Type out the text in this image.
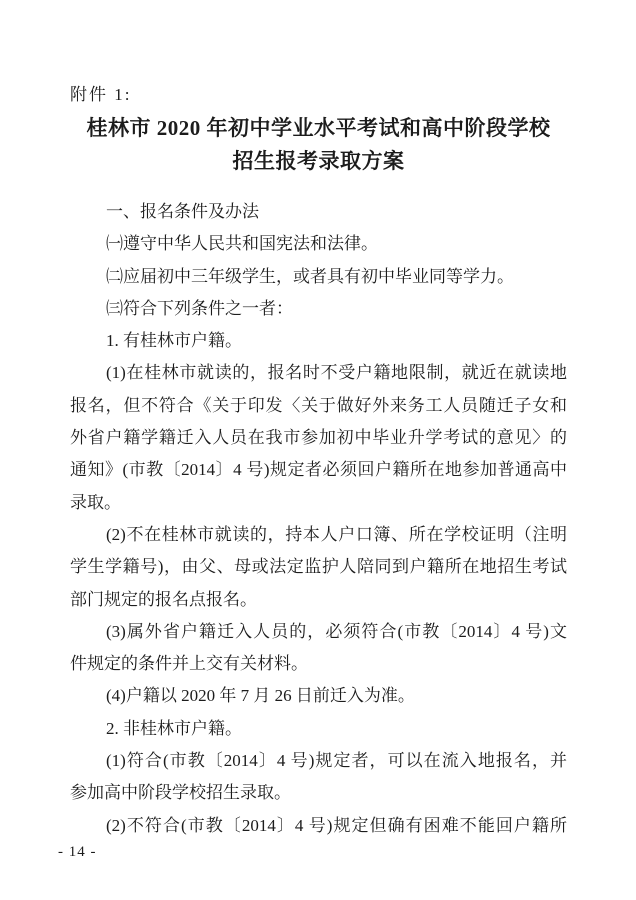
附件 1:
桂林市 2020 年初中学业水平考试和高中阶段学校
招生报考录取方案

一、报名条件及办法

㈠遵守中华人民共和国宪法和法律。

㈡应届初中三年级学生，或者具有初中毕业同等学力。

㈢符合下列条件之一者：

1. 有桂林市户籍。

(1)在桂林市就读的，报名时不受户籍地限制，就近在就读地

报名，但不符合《关于印发〈关于做好外来务工人员随迁子女和

外省户籍学籍迁入人员在我市参加初中毕业升学考试的意见〉的

通知》(市教〔2014〕4 号)规定者必须回户籍所在地参加普通高中

录取。

(2)不在桂林市就读的，持本人户口簿、所在学校证明（注明

学生学籍号)，由父、母或法定监护人陪同到户籍所在地招生考试

部门规定的报名点报名。

(3)属外省户籍迁入人员的，必须符合(市教〔2014〕4 号)文

件规定的条件并上交有关材料。

(4)户籍以 2020 年 7 月 26 日前迁入为准。

2. 非桂林市户籍。

(1)符合(市教〔2014〕4 号)规定者，可以在流入地报名，并

参加高中阶段学校招生录取。

(2)不符合(市教〔2014〕4 号)规定但确有困难不能回户籍所

- 14 -
